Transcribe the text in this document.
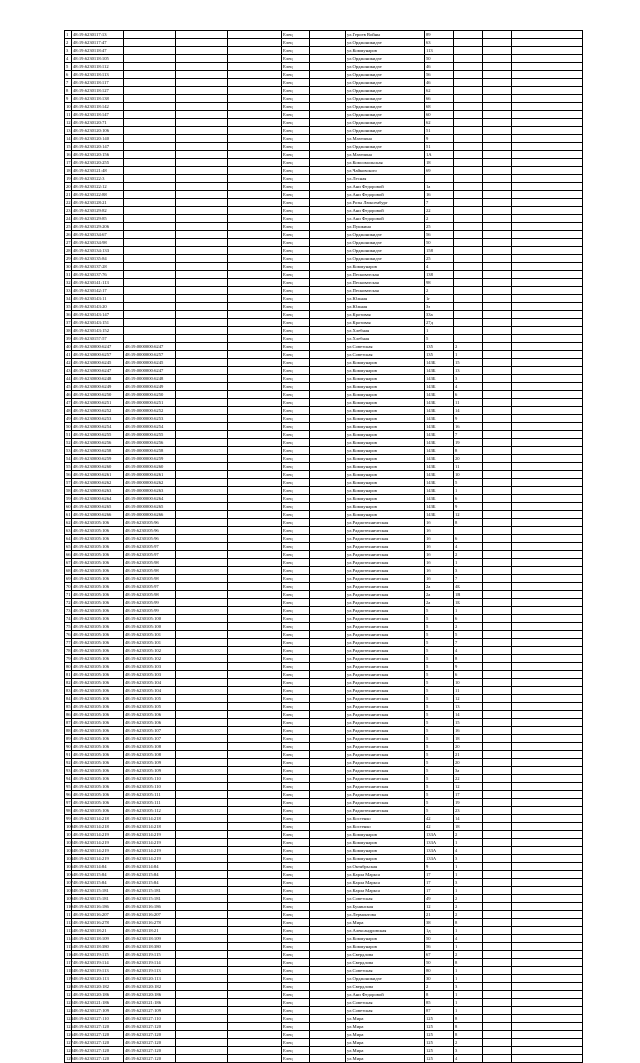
1	48:19:6230117:13				Елец		ул.Героев Войны	89			
2	48:19:6230117:47				Елец		ул.Орджоникидзе	63			
3	48:19:6230118:47				Елец		ул.Коммунаров	113			
4	48:19:6230118:105				Елец		ул.Орджоникидзе	50			
5	48:19:6230118:112				Елец		ул.Орджоникидзе	46			
6	48:19:6230118:113				Елец		ул.Орджоникидзе	56			
7	48:19:6230118:117				Елец		ул.Орджоникидзе	46			
8	48:19:6230118:127				Елец		ул.Орджоникидзе	62			
9	48:19:6230118:138				Елец		ул.Орджоникидзе	66			
10	48:19:6230118:142				Елец		ул.Орджоникидзе	68			
11	48:19:6230118:147				Елец		ул.Орджоникидзе	60			
12	48:19:6230120:71				Елец		ул.Орджоникидзе	62			
13	48:19:6230120:106				Елец		ул.Орджоникидзе	51			
14	48:19:6230120:140				Елец		ул.Мазепина	9			
15	48:19:6230120:147				Елец		ул.Орджоникидзе	51			
16	48:19:6230120:156				Елец		ул.Мазепина	1А			
17	48:19:6230120:255				Елец		ул.Комсомольская	18			
18	48:19:6230121:48				Елец		ул.Чайковского	69			
19	48:19:6230122:3				Елец		ул.Лесная				
20	48:19:6230122:12				Елец		ул.Ани Федоровой	1а			
21	48:19:6230122:88				Елец		ул.Ани Федоровой	16			
22	48:19:6230128:21				Елец		ул.Розы Люксембург	7			
23	48:19:6230129:82				Елец		ул.Ани Федоровой	22			
24	48:19:6230129:85				Елец		ул.Ани Федоровой	2			
25	48:19:6230129:206				Елец		ул.Пушкина	25			
26	48:19:6230134:67				Елец		ул.Орджоникидзе	56			
27	48:19:6230134:98				Елец		ул.Орджоникидзе	50			
28	48:19:6230134:133				Елец		ул.Орджоникидзе	158			
29	48:19:6230135:84				Елец		ул.Орджоникидзе	25			
30	48:19:6230137:28				Елец		ул.Коммунаров	4			
31	48:19:6230137:76				Елец		ул.Песковатская	138			
32	48:19:6230141:113				Елец		ул.Песковатская	98			
33	48:19:6230142:17				Елец		ул.Песковатская	2			
34	48:19:6230143:11				Елец		ул.Южная	1г			
35	48:19:6230143:20				Елец		ул.Южная	3з			
36	48:19:6230143:147				Елец		ул.Кротовая	33а			
37	48:19:6230143:151				Елец		ул.Кротовая	27д			
38	48:19:6230143:152				Елец		ул.Хлебная	1			
39	48:19:6230157:57				Елец		ул.Хлебная	5			
40	48:19:6230000:6247	48:19:0000000:6247			Елец		ул.Советская	135	2		
41	48:19:6230000:6257	48:19:0000000:6257			Елец		ул.Советская	135	1		
42	48:19:6230000:6245	48:19:0000000:6245			Елец		ул.Коммунаров	143Б	15		
43	48:19:6230000:6247	48:19:0000000:6247			Елец		ул.Коммунаров	143Б	13		
44	48:19:6230000:6248	48:19:0000000:6248			Елец		ул.Коммунаров	143Б	3		
45	48:19:6230000:6249	48:19:0000000:6249			Елец		ул.Коммунаров	143Б	4		
46	48:19:6230000:6250	48:19:0000000:6250			Елец		ул.Коммунаров	143Б	6		
47	48:19:6230000:6251	48:19:0000000:6251			Елец		ул.Коммунаров	143Б	11		
48	48:19:6230000:6252	48:19:0000000:6252			Елец		ул.Коммунаров	143Б	14		
49	48:19:6230000:6253	48:19:0000000:6253			Елец		ул.Коммунаров	143Б	9		
50	48:19:6230000:6254	48:19:0000000:6254			Елец		ул.Коммунаров	143Б	16		
51	48:19:6230000:6255	48:19:0000000:6255			Елец		ул.Коммунаров	143Б	7		
52	48:19:6230000:6256	48:19:0000000:6256			Елец		ул.Коммунаров	143Б	19		
53	48:19:6230000:6258	48:19:0000000:6258			Елец		ул.Коммунаров	143Б	8		
54	48:19:6230000:6259	48:19:0000000:6259			Елец		ул.Коммунаров	143Б	20		
55	48:19:6230000:6260	48:19:0000000:6260			Елец		ул.Коммунаров	143Б	11		
56	48:19:6230000:6261	48:19:0000000:6261			Елец		ул.Коммунаров	143Б	10		
57	48:19:6230000:6262	48:19:0000000:6262			Елец		ул.Коммунаров	143Б	5		
58	48:19:6230000:6263	48:19:0000000:6263			Елец		ул.Коммунаров	143Б	1		
59	48:19:6230000:6264	48:19:0000000:6264			Елец		ул.Коммунаров	143Б	6		
60	48:19:6230000:6265	48:19:0000000:6265			Елец		ул.Коммунаров	143Б	9		
61	48:19:6230000:6266	48:19:0000000:6266			Елец		ул.Коммунаров	143Б	12		
62	48:19:6230105:106	48:19:6230105:96			Елец		ул.Радиотехническая	1б	8		
63	48:19:6230105:106	48:19:6230105:96			Елец		ул.Радиотехническая	1б			
64	48:19:6230105:106	48:19:6230105:96			Елец		ул.Радиотехническая	1б	6		
65	48:19:6230105:106	48:19:6230105:97			Елец		ул.Радиотехническая	1б	4		
66	48:19:6230105:106	48:19:6230105:97			Елец		ул.Радиотехническая	1б	2		
67	48:19:6230105:106	48:19:6230105:98			Елец		ул.Радиотехническая	1б	1		
68	48:19:6230105:106	48:19:6230105:98			Елец		ул.Радиотехническая	1б	3		
69	48:19:6230105:106	48:19:6230105:98			Елец		ул.Радиотехническая	1б	7		
70	48:19:6230105:106	48:19:6230105:97			Елец		ул.Радиотехническая	2а	4Б		
71	48:19:6230105:106	48:19:6230105:98			Елец		ул.Радиотехническая	2а	1В		
72	48:19:6230105:106	48:19:6230105:99			Елец		ул.Радиотехническая	2а	1Б		
73	48:19:6230105:106	48:19:6230105:99			Елец		ул.Радиотехническая	5	1		
74	48:19:6230105:106	48:19:6230105:100			Елец		ул.Радиотехническая	5	6		
75	48:19:6230105:106	48:19:6230105:100			Елец		ул.Радиотехническая	5	2		
76	48:19:6230105:106	48:19:6230105:101			Елец		ул.Радиотехническая	5	5		
77	48:19:6230105:106	48:19:6230105:101			Елец		ул.Радиотехническая	5	7		
78	48:19:6230105:106	48:19:6230105:102			Елец		ул.Радиотехническая	5	4		
79	48:19:6230105:106	48:19:6230105:102			Елец		ул.Радиотехническая	5	8		
80	48:19:6230105:106	48:19:6230105:103			Елец		ул.Радиотехническая	5	9		
81	48:19:6230105:106	48:19:6230105:103			Елец		ул.Радиотехническая	5	6		
82	48:19:6230105:106	48:19:6230105:104			Елец		ул.Радиотехническая	5	10		
83	48:19:6230105:106	48:19:6230105:104			Елец		ул.Радиотехническая	5	11		
84	48:19:6230105:106	48:19:6230105:105			Елец		ул.Радиотехническая	5	12		
85	48:19:6230105:106	48:19:6230105:105			Елец		ул.Радиотехническая	5	13		
86	48:19:6230105:106	48:19:6230105:106			Елец		ул.Радиотехническая	5	14		
87	48:19:6230105:106	48:19:6230105:106			Елец		ул.Радиотехническая	5	15		
88	48:19:6230105:106	48:19:6230105:107			Елец		ул.Радиотехническая	5	16		
89	48:19:6230105:106	48:19:6230105:107			Елец		ул.Радиотехническая	5	18		
90	48:19:6230105:106	48:19:6230105:108			Елец		ул.Радиотехническая	5	20		
91	48:19:6230105:106	48:19:6230105:108			Елец		ул.Радиотехническая	5	21		
92	48:19:6230105:106	48:19:6230105:109			Елец		ул.Радиотехническая	5	20		
93	48:19:6230105:106	48:19:6230105:109			Елец		ул.Радиотехническая	5	3а		
94	48:19:6230105:106	48:19:6230105:110			Елец		ул.Радиотехническая	5	22		
95	48:19:6230105:106	48:19:6230105:110			Елец		ул.Радиотехническая	5	12		
96	48:19:6230105:106	48:19:6230105:111			Елец		ул.Радиотехническая	5	17		
97	48:19:6230105:106	48:19:6230105:111			Елец		ул.Радиотехническая	5	19		
98	48:19:6230105:106	48:19:6230105:112			Елец		ул.Радиотехническая	5	23		
99	48:19:6230114:218	48:19:6230114:218			Елец		ул.Костенко	42	14		
100	48:19:6230114:218	48:19:6230114:218			Елец		ул.Костенко	42	18		
101	48:19:6230114:219	48:19:6230114:219			Елец		ул.Коммунаров	133А	2		
102	48:19:6230114:219	48:19:6230114:219			Елец		ул.Коммунаров	133А	1		
103	48:19:6230114:219	48:19:6230114:219			Елец		ул.Коммунаров	133А	4		
104	48:19:6230114:219	48:19:6230114:219			Елец		ул.Коммунаров	133А	3		
105	48:19:6230114:84	48:19:6230114:84			Елец		ул.Октябрьская	9	1		
106	48:19:6230115:84	48:19:6230115:84			Елец		ул.Карла Маркса	17	1		
107	48:19:6230115:84	48:19:6230115:84			Елец		ул.Карла Маркса	17	3		
108	48:19:6230115:181	48:19:6230115:181			Елец		ул.Карла Маркса	17	1		
109	48:19:6230115:181	48:19:6230115:181			Елец		ул.Советская	49	2		
110	48:19:6230116:186	48:19:6230116:186			Елец		ул.Бунинская	12	2		
111	48:19:6230116:207	48:19:6230116:207			Елец		ул.Лермонтова	21	2		
112	48:19:6230116:278	48:19:6230116:278			Елец		ул.Мира	38	8		
113	48:19:6230118:21	48:19:6230118:21			Елец		ул.Александровская	1д	1		
114	48:19:6230118:109	48:19:6230118:109			Елец		ул.Коммунаров	50	4		
115	48:19:6230118:380	48:19:6230118:380			Елец		ул.Коммунаров	56	1		
116	48:19:6230119:115	48:19:6230119:115			Елец		ул.Свердлова	67	2		
117	48:19:6230119:114	48:19:6230119:114			Елец		ул.Свердлова	50	8		
118	48:19:6230119:113	48:19:6230119:113			Елец		ул.Советская	80	1		
119	48:19:6230120:113	48:19:6230120:113			Елец		ул.Орджоникидзе	30	1		
120	48:19:6230120:182	48:19:6230120:182			Елец		ул.Свердлова	2	3		
121	48:19:6230120:186	48:19:6230120:186			Елец		ул.Ани Федоровой	8	1		
122	48:19:6230121:186	48:19:6230121:186			Елец		ул.Советская	85	1		
123	48:19:6230127:109	48:19:6230127:109			Елец		ул.Советская	87	1		
124	48:19:6230127:110	48:19:6230127:110			Елец		ул.Мира	125	8		
125	48:19:6230127:120	48:19:6230127:120			Елец		ул.Мира	125	8		
126	48:19:6230127:120	48:19:6230127:120			Елец		ул.Мира	125	8		
127	48:19:6230127:120	48:19:6230127:120			Елец		ул.Мира	125	2		
128	48:19:6230127:120	48:19:6230127:120			Елец		ул.Мира	125	3		
129	48:19:6230127:120	48:19:6230127:120			Елец		ул.Мира	125	4		
